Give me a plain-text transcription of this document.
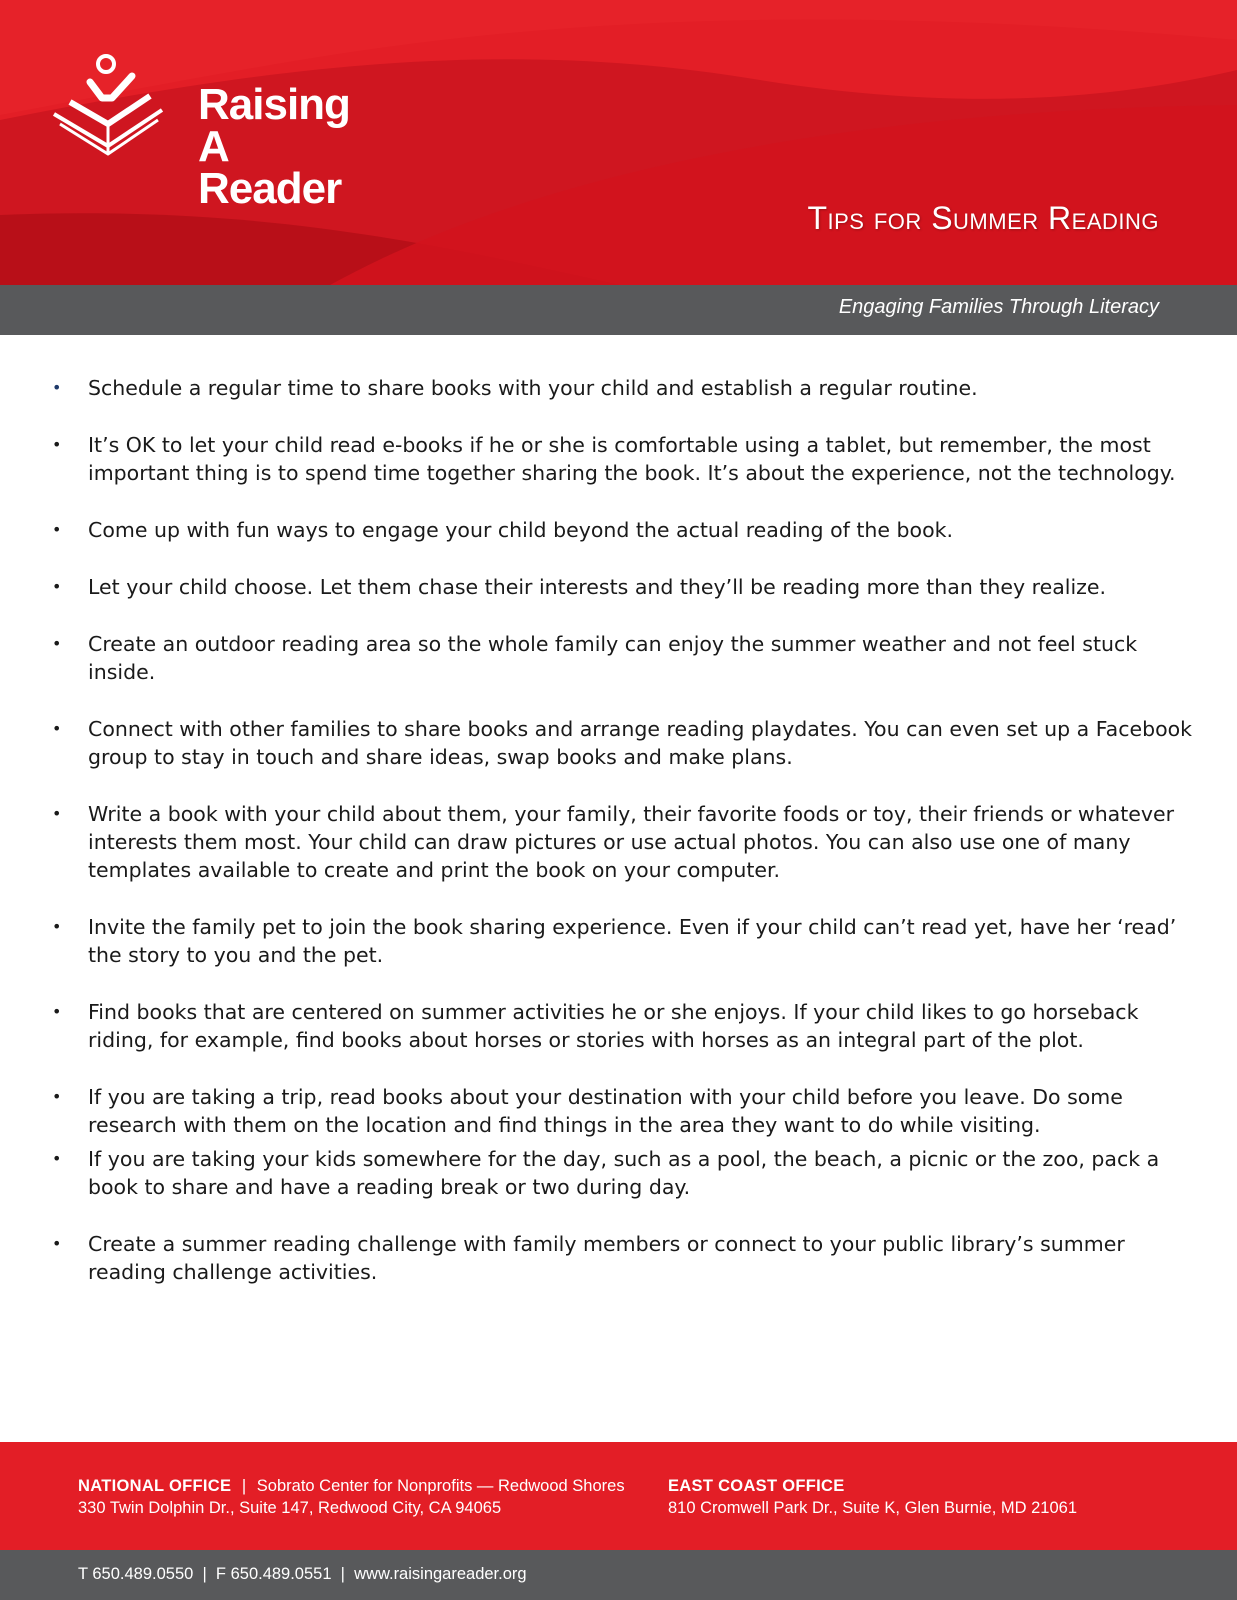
Raising
A Reader
Tips for Summer Reading
Engaging Families Through Literacy
•
Schedule a regular time to share books with your child and establish a regular routine.
•
It’s OK to let your child read e-books if he or she is comfortable using a tablet, but remember, the most important thing is to spend time together sharing the book. It’s about the experience, not the technology.
•
Come up with fun ways to engage your child beyond the actual reading of the book.
•
Let your child choose. Let them chase their interests and they’ll be reading more than they realize.
•
Create an outdoor reading area so the whole family can enjoy the summer weather and not feel stuck inside.
•
Connect with other families to share books and arrange reading playdates. You can even set up a Facebook group to stay in touch and share ideas, swap books and make plans.
•
Write a book with your child about them, your family, their favorite foods or toy, their friends or whatever interests them most. Your child can draw pictures or use actual photos. You can also use one of many templates available to create and print the book on your computer.
•
Invite the family pet to join the book sharing experience. Even if your child can’t read yet, have her ‘read’ the story to you and the pet.
•
Find books that are centered on summer activities he or she enjoys. If your child likes to go horseback riding, for example, find books about horses or stories with horses as an integral part of the plot.
•
If you are taking a trip, read books about your destination with your child before you leave. Do some research with them on the location and find things in the area they want to do while visiting.
•
If you are taking your kids somewhere for the day, such as a pool, the beach, a picnic or the zoo, pack a book to share and have a reading break or two during day.
•
Create a summer reading challenge with family members or connect to your public library’s summer reading challenge activities.
NATIONAL OFFICE | Sobrato Center for Nonprofits — Redwood Shores
330 Twin Dolphin Dr., Suite 147, Redwood City, CA 94065
EAST COAST OFFICE
810 Cromwell Park Dr., Suite K, Glen Burnie, MD 21061
T 650.489.0550  |  F 650.489.0551  |  www.raisingareader.org
